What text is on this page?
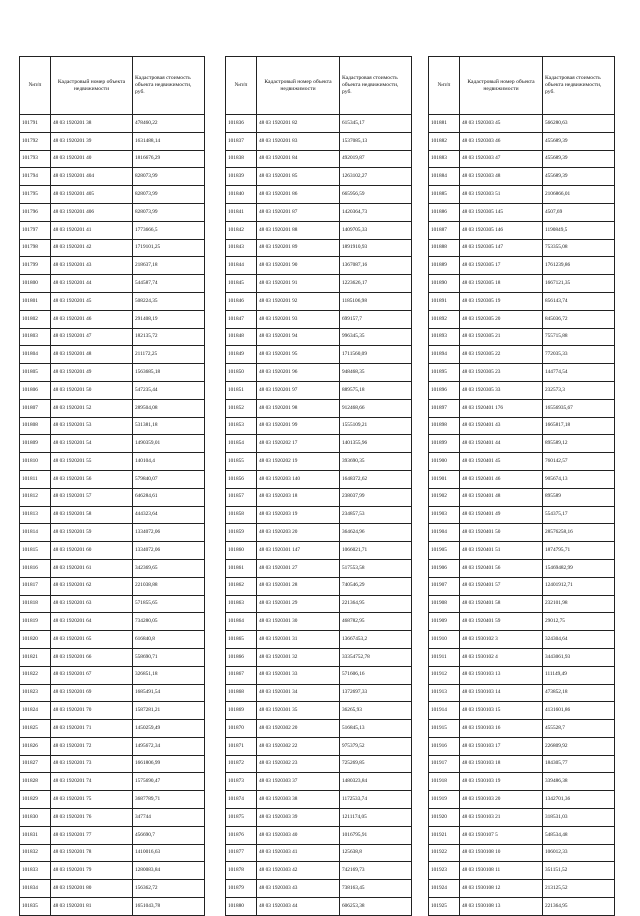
№п/п	Кадастровый номер объекта недвижимости	Кадастровая стоимость объекта недвижимости, руб.
101791	48 03 1920201 38	478460,22
101792	48 03 1920201 39	1631488,14
101793	48 03 1920201 40	1816676,29
101794	48 03 1920201 404	828073,99
101795	48 03 1920201 405	828073,99
101796	48 03 1920201 406	828073,99
101797	48 03 1920201 41	1773666,5
101798	48 03 1920201 42	1719101,25
101799	48 03 1920201 43	218637,18
101800	48 03 1920201 44	544587,74
101801	48 03 1920201 45	508224,35
101802	48 03 1920201 46	291408,19
101803	48 03 1920201 47	182135,72
101804	48 03 1920201 48	211172,25
101805	48 03 1920201 49	1563685,18
101806	48 03 1920201 50	547235,44
101807	48 03 1920201 52	289504,08
101808	48 03 1920201 53	531381,18
101809	48 03 1920201 54	1490359,01
101810	48 03 1920201 55	140104,4
101811	48 03 1920201 56	579840,07
101812	48 03 1920201 57	646284,61
101813	48 03 1920201 58	444323,64
101814	48 03 1920201 59	1334072,06
101815	48 03 1920201 60	1334072,06
101816	48 03 1920201 61	342369,65
101817	48 03 1920201 62	221038,88
101818	48 03 1920201 63	571855,65
101819	48 03 1920201 64	734280,05
101820	48 03 1920201 65	616840,8
101821	48 03 1920201 66	558690,71
101822	48 03 1920201 67	326851,18
101823	48 03 1920201 69	1685491,54
101824	48 03 1920201 70	1587281,21
101825	48 03 1920201 71	1450259,49
101826	48 03 1920201 72	1495672,34
101827	48 03 1920201 73	1661806,99
101828	48 03 1920201 74	1575690,47
101829	48 03 1920201 75	3687789,71
101830	48 03 1920201 76	347744
101831	48 03 1920201 77	456690,7
101832	48 03 1920201 78	1410016,63
101833	48 03 1920201 79	1280083,84
101834	48 03 1920201 80	156362,72
101835	48 03 1920201 81	1651043,78
№п/п	Кадастровый номер объекта недвижимости	Кадастровая стоимость объекта недвижимости, руб.
101836	48 03 1920201 82	615345,17
101837	48 03 1920201 83	1537085,13
101838	48 03 1920201 84	492019,87
101839	48 03 1920201 85	1263102,27
101840	48 03 1920201 86	665956,59
101841	48 03 1920201 87	1420364,73
101842	48 03 1920201 88	1409705,33
101843	48 03 1920201 89	1891910,93
101844	48 03 1920201 90	1367087,16
101845	48 03 1920201 91	1223626,17
101846	48 03 1920201 92	1185106,98
101847	48 03 1920201 93	699157,7
101848	48 03 1920201 94	996345,35
101849	48 03 1920201 95	1711560,09
101850	48 03 1920201 96	948468,35
101851	48 03 1920201 97	889575,18
101852	48 03 1920201 98	912468,66
101853	48 03 1920201 99	1555109,21
101854	48 03 1920202 17	1401355,96
101855	48 03 1920202 19	393690,35
101856	48 03 1920203 140	1648372,62
101857	48 03 1920203 18	238037,99
101858	48 03 1920203 19	234857,53
101859	48 03 1920203 20	364624,96
101860	48 03 1920301 147	1066021,71
101861	48 03 1920301 27	517553,58
101862	48 03 1920301 28	740546,29
101863	48 03 1920301 29	221364,95
101864	48 03 1920301 30	468782,95
101865	48 03 1920301 31	13667453,2
101866	48 03 1920301 32	33354752,78
101867	48 03 1920301 33	571606,16
101868	48 03 1920301 34	1372697,33
101869	48 03 1920301 35	36265,93
101870	48 03 1920302 20	516845,13
101871	48 03 1920302 22	975379,52
101872	48 03 1920302 23	725269,85
101873	48 03 1920303 37	1480323,84
101874	48 03 1920303 38	1172533,74
101875	48 03 1920303 39	1211174,05
101876	48 03 1920303 40	1016795,91
101877	48 03 1920303 41	125638,8
101878	48 03 1920303 42	742169,73
101879	48 03 1920303 43	738163,45
101880	48 03 1920303 44	606253,38
№п/п	Кадастровый номер объекта недвижимости	Кадастровая стоимость объекта недвижимости, руб.
101881	48 03 1920303 45	566280,63
101882	48 03 1920303 46	455689,39
101883	48 03 1920303 47	455689,39
101884	48 03 1920303 48	455689,39
101885	48 03 1920303 51	2106866,01
101886	48 03 1920305 145	4507,69
101887	48 03 1920305 146	1190849,5
101888	48 03 1920305 147	753355,08
101889	48 03 1920305 17	1761239,86
101890	48 03 1920305 18	1667121,35
101891	48 03 1920305 19	856143,74
101892	48 03 1920305 20	845036,72
101893	48 03 1920305 21	755715,88
101894	48 03 1920305 22	772035,33
101895	48 03 1920305 23	144774,54
101896	48 03 1920305 33	232573,3
101897	48 03 1920401 176	16556935,67
101898	48 03 1920401 43	1665817,18
101899	48 03 1920401 44	895589,12
101900	48 03 1920401 45	760142,57
101901	48 03 1920401 46	905674,13
101902	48 03 1920401 48	895589
101903	48 03 1920401 49	554375,17
101904	48 03 1920401 50	28576258,16
101905	48 03 1920401 51	1874795,71
101906	48 03 1920401 56	15469482,99
101907	48 03 1920401 57	12401912,71
101908	48 03 1920401 58	232101,98
101909	48 03 1920401 59	29012,75
101910	48 03 1930102 3	324304,64
101911	48 03 1930102 4	3443061,93
101912	48 03 1930103 13	111149,49
101913	48 03 1930103 14	473852,18
101914	48 03 1930103 15	4131601,86
101915	48 03 1930103 16	455528,7
101916	48 03 1930103 17	226809,92
101917	48 03 1930103 18	184305,77
101918	48 03 1930103 19	339486,38
101919	48 03 1930103 20	1342701,36
101920	48 03 1930103 21	318531,03
101921	48 03 1930107 5	548534,48
101922	48 03 1930108 10	106012,33
101923	48 03 1930108 11	351151,52
101924	48 03 1930108 12	213125,52
101925	48 03 1930108 13	221364,95
